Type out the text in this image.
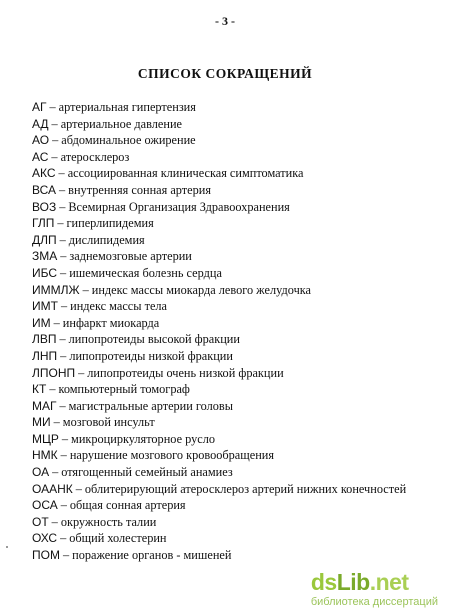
- 3 -
СПИСОК СОКРАЩЕНИЙ
АГ – артериальная гипертензия
АД – артериальное давление
АО – абдоминальное ожирение
АС – атеросклероз
АКС – ассоциированная клиническая симптоматика
ВСА – внутренняя сонная артерия
ВОЗ – Всемирная Организация Здравоохранения
ГЛП – гиперлипидемия
ДЛП – дислипидемия
ЗМА – заднемозговые артерии
ИБС – ишемическая болезнь сердца
ИММЛЖ – индекс массы миокарда левого желудочка
ИМТ – индекс массы тела
ИМ – инфаркт миокарда
ЛВП – липопротеиды высокой фракции
ЛНП – липопротеиды низкой фракции
ЛПОНП – липопротеиды очень низкой фракции
КТ – компьютерный томограф
МАГ – магистральные артерии головы
МИ – мозговой инсульт
МЦР – микроциркуляторное русло
НМК – нарушение мозгового кровообращения
ОА – отягощенный семейный анамиез
ОААНК – облитерирующий атеросклероз артерий нижних конечностей
ОСА – общая сонная артерия
ОТ – окружность талии
ОХС – общий холестерин
ПОМ – поражение органов - мишеней
dsLib.net
библиотека диссертаций
